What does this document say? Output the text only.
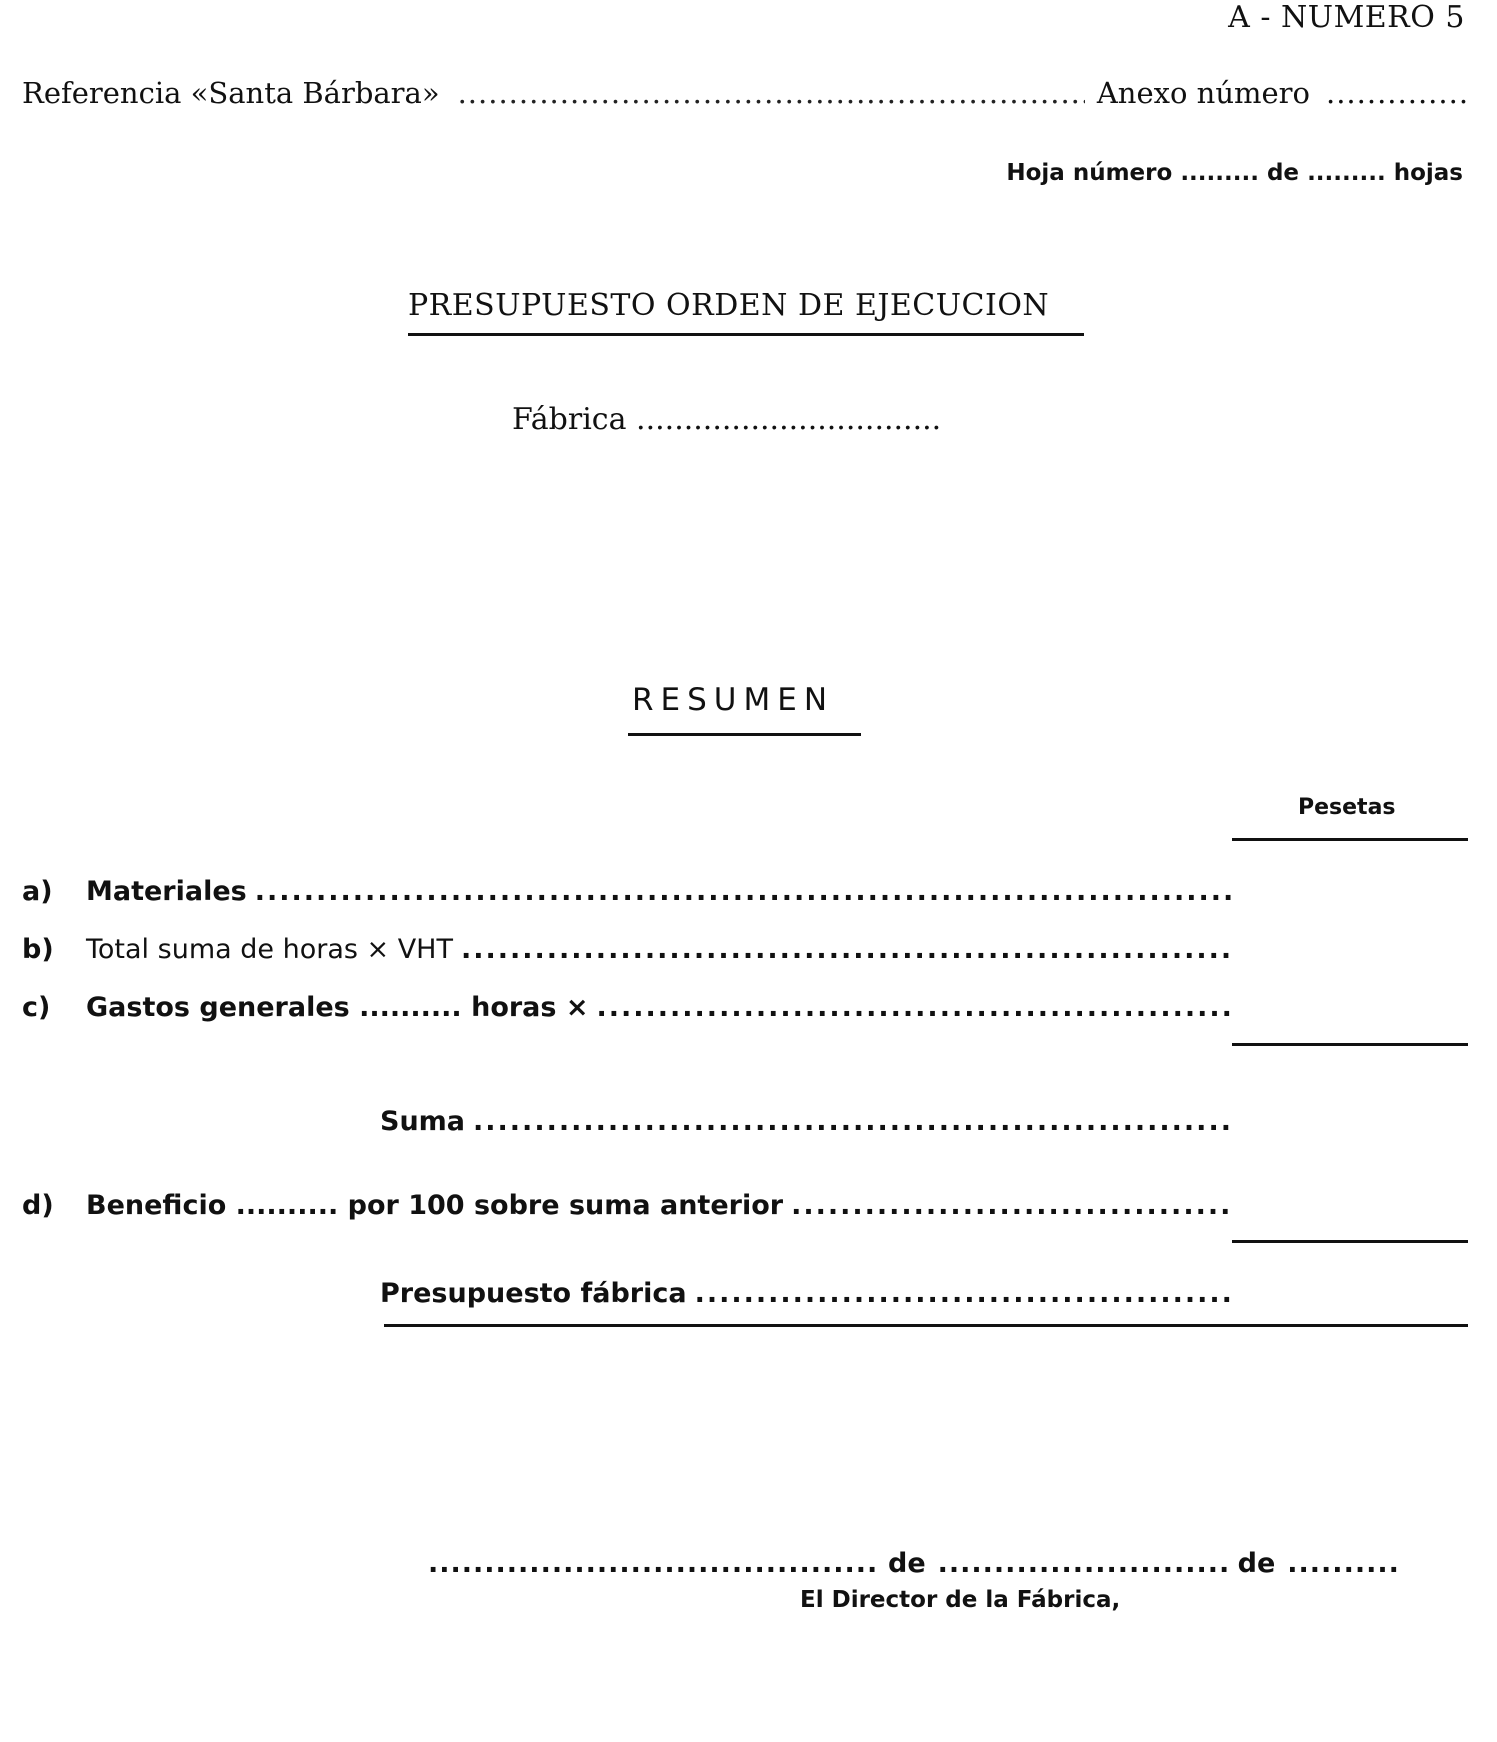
A - NUMERO 5
Referencia «Santa Bárbara» .....	Anexo número
.....
Hoja número ......... de ......... hojas
PRESUPUESTO ORDEN DE EJECUCION
Fábrica ................................
RESUMEN
Pesetas
a)	Materiales
.....
b)	Total suma de horas × VHT
.....
c)	Gastos generales .......... horas ×
.....
Suma
.....
d)	Beneficio .......... por 100 sobre suma anterior
.....
Presupuesto fábrica
.....
.....
de .....	de
.....
El Director de la Fábrica,
